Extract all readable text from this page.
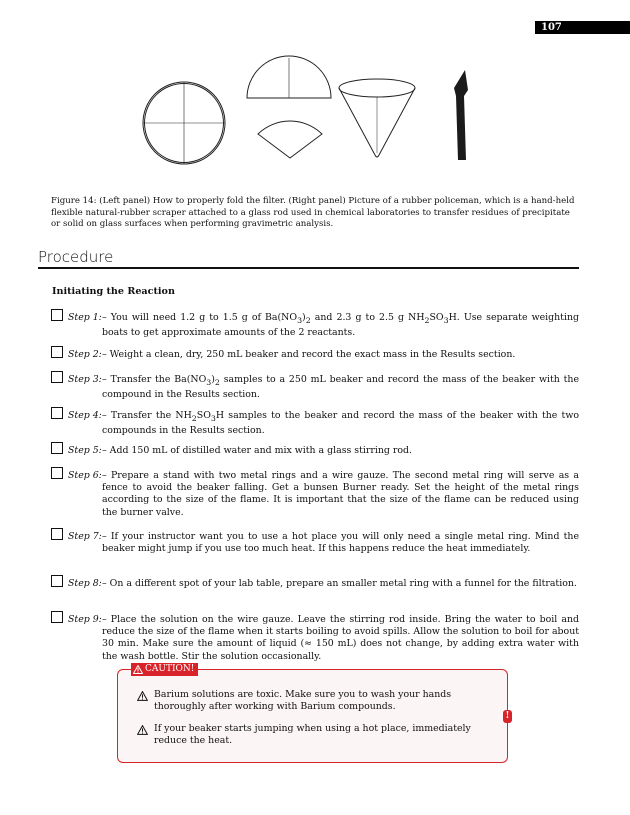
107
Figure 14: (Left panel) How to properly fold the filter. (Right panel) Picture of a rubber policeman, which is a hand-held flexible natural-rubber scraper attached to a glass rod used in chemical laboratories to transfer residues of precipitate or solid on glass surfaces when performing gravimetric analysis.
Procedure
Initiating the Reaction
Step 1: – You will need 1.2 g to 1.5 g of $Ba(NO_3)_2$ and 2.3 g to 2.5 g $NH_2SO_3H$. Use separate weighting boats to get approximate amounts of the 2 reactants.
Step 2: – Weight a clean, dry, 250 mL beaker and record the exact mass in the Results section.
Step 3: – Transfer the $Ba(NO_3)_2$ samples to a 250 mL beaker and record the mass of the beaker with the compound in the Results section.
Step 4: – Transfer the $NH_2SO_3H$ samples to the beaker and record the mass of the beaker with the two compounds in the Results section.
Step 5: – Add 150 mL of distilled water and mix with a glass stirring rod.
Step 6: – Prepare a stand with two metal rings and a wire gauze. The second metal ring will serve as a fence to avoid the beaker falling. Get a bunsen Burner ready. Set the height of the metal rings according to the size of the flame. It is important that the size of the flame can be reduced using the burner valve.
Step 7: – If your instructor want you to use a hot place you will only need a single metal ring. Mind the beaker might jump if you use too much heat. If this happens reduce the heat immediately.
Step 8: – On a different spot of your lab table, prepare an smaller metal ring with a funnel for the filtration.
Step 9: – Place the solution on the wire gauze. Leave the stirring rod inside. Bring the water to boil and reduce the size of the flame when it starts boiling to avoid spills. Allow the solution to boil for about 30 min. Make sure the amount of liquid (≈ 150 mL) does not change, by adding extra water with the wash bottle. Stir the solution occasionally.
CAUTION!
!
Barium solutions are toxic. Make sure you to wash your hands thoroughly after working with Barium compounds.
If your beaker starts jumping when using a hot place, immediately reduce the heat.
